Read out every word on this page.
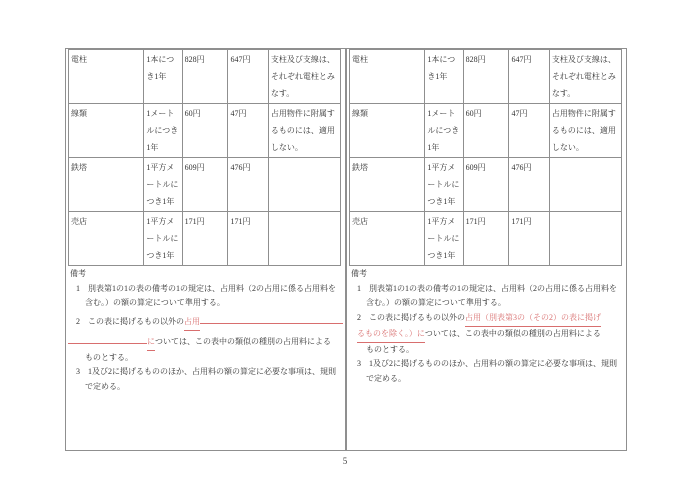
電柱	1本につき1年	828円	647円	支柱及び支線は、それぞれ電柱とみなす。
線類	1メートルにつき1年	60円	47円	占用物件に附属するものには、適用しない。
鉄塔	1平方メートルにつき1年	609円	476円	
売店	1平方メートルにつき1年	171円	171円	
備考
1　別表第1の1の表の備考の1の規定は、占用料（2の占用に係る占用料を含む。）の額の算定について準用する。
2　この表に掲げるもの以外の 占用
に ついては、この表中の類似の種別の占用料による
ものとする。
3　1及び2に掲げるもののほか、占用料の額の算定に必要な事項は、規則で定める。
電柱	1本につき1年	828円	647円	支柱及び支線は、それぞれ電柱とみなす。
線類	1メートルにつき1年	60円	47円	占用物件に附属するものには、適用しない。
鉄塔	1平方メートルにつき1年	609円	476円	
売店	1平方メートルにつき1年	171円	171円	
備考
1　別表第1の1の表の備考の1の規定は、占用料（2の占用に係る占用料を含む。）の額の算定について準用する。
2　この表に掲げるもの以外の 占用（別表第3の（その2）の表に掲げ
るものを除く。）に ついては、この表中の類似の種別の占用料による
ものとする。
3　1及び2に掲げるもののほか、占用料の額の算定に必要な事項は、規則で定める。
5
